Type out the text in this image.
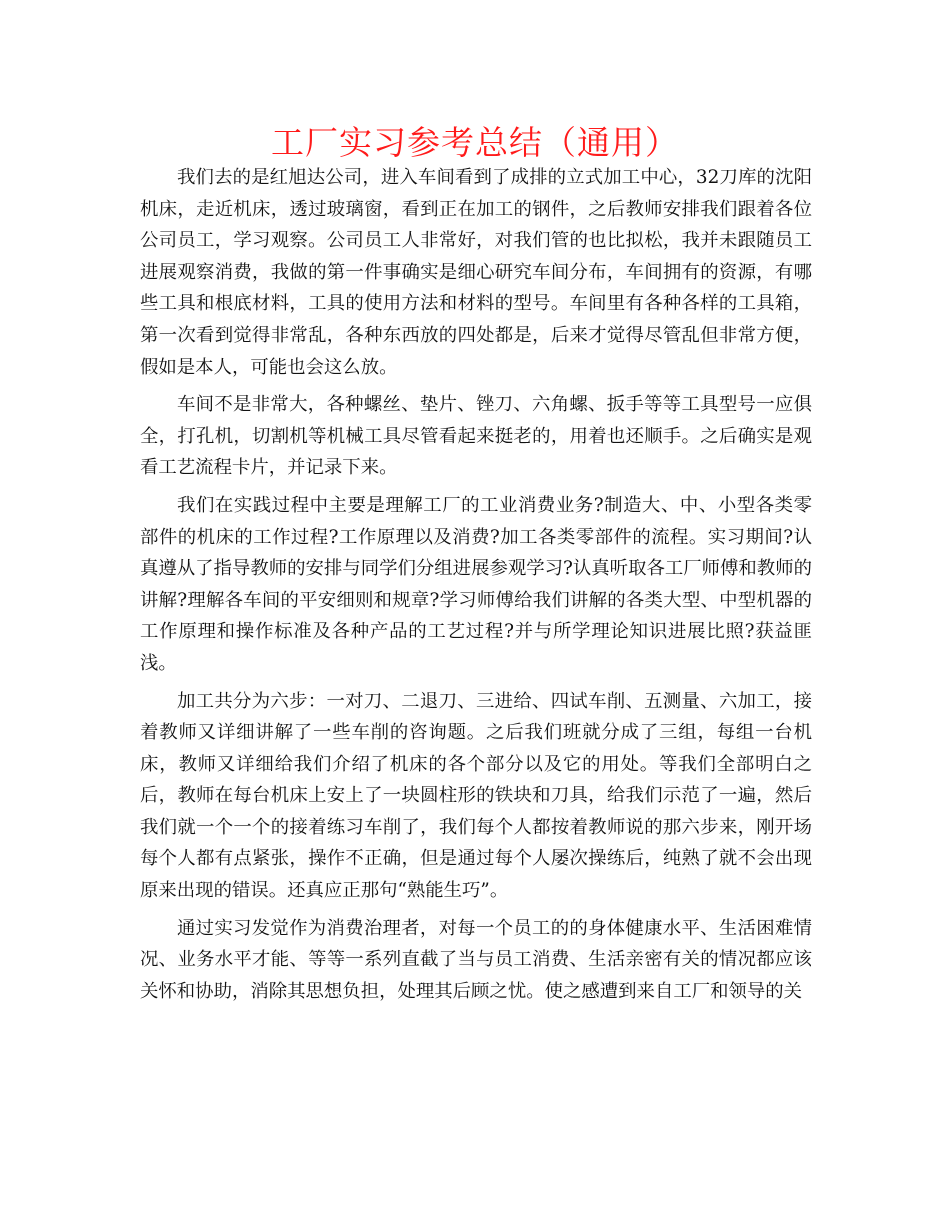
工厂实习参考总结（通用）

我们去的是红旭达公司，进入车间看到了成排的立式加工中心，32刀库的沈阳机床，走近机床，透过玻璃窗，看到正在加工的钢件，之后教师安排我们跟着各位公司员工，学习观察。公司员工人非常好，对我们管的也比拟松，我并未跟随员工进展观察消费，我做的第一件事确实是细心研究车间分布，车间拥有的资源，有哪些工具和根底材料，工具的使用方法和材料的型号。车间里有各种各样的工具箱，第一次看到觉得非常乱，各种东西放的四处都是，后来才觉得尽管乱但非常方便，假如是本人，可能也会这么放。

车间不是非常大，各种螺丝、垫片、锉刀、六角螺、扳手等等工具型号一应俱全，打孔机，切割机等机械工具尽管看起来挺老的，用着也还顺手。之后确实是观看工艺流程卡片，并记录下来。

我们在实践过程中主要是理解工厂的工业消费业务?制造大、中、小型各类零部件的机床的工作过程?工作原理以及消费?加工各类零部件的流程。实习期间?认真遵从了指导教师的安排与同学们分组进展参观学习?认真听取各工厂师傅和教师的讲解?理解各车间的平安细则和规章?学习师傅给我们讲解的各类大型、中型机器的工作原理和操作标准及各种产品的工艺过程?并与所学理论知识进展比照?获益匪浅。

加工共分为六步：一对刀、二退刀、三进给、四试车削、五测量、六加工，接着教师又详细讲解了一些车削的咨询题。之后我们班就分成了三组，每组一台机床，教师又详细给我们介绍了机床的各个部分以及它的用处。等我们全部明白之后，教师在每台机床上安上了一块圆柱形的铁块和刀具，给我们示范了一遍，然后我们就一个一个的接着练习车削了，我们每个人都按着教师说的那六步来，刚开场每个人都有点紧张，操作不正确，但是通过每个人屡次操练后，纯熟了就不会出现原来出现的错误。还真应正那句“熟能生巧”。

通过实习发觉作为消费治理者，对每一个员工的的身体健康水平、生活困难情况、业务水平才能、等等一系列直截了当与员工消费、生活亲密有关的情况都应该关怀和协助，消除其思想负担，处理其后顾之忧。使之感遭到来自工厂和领导的关
